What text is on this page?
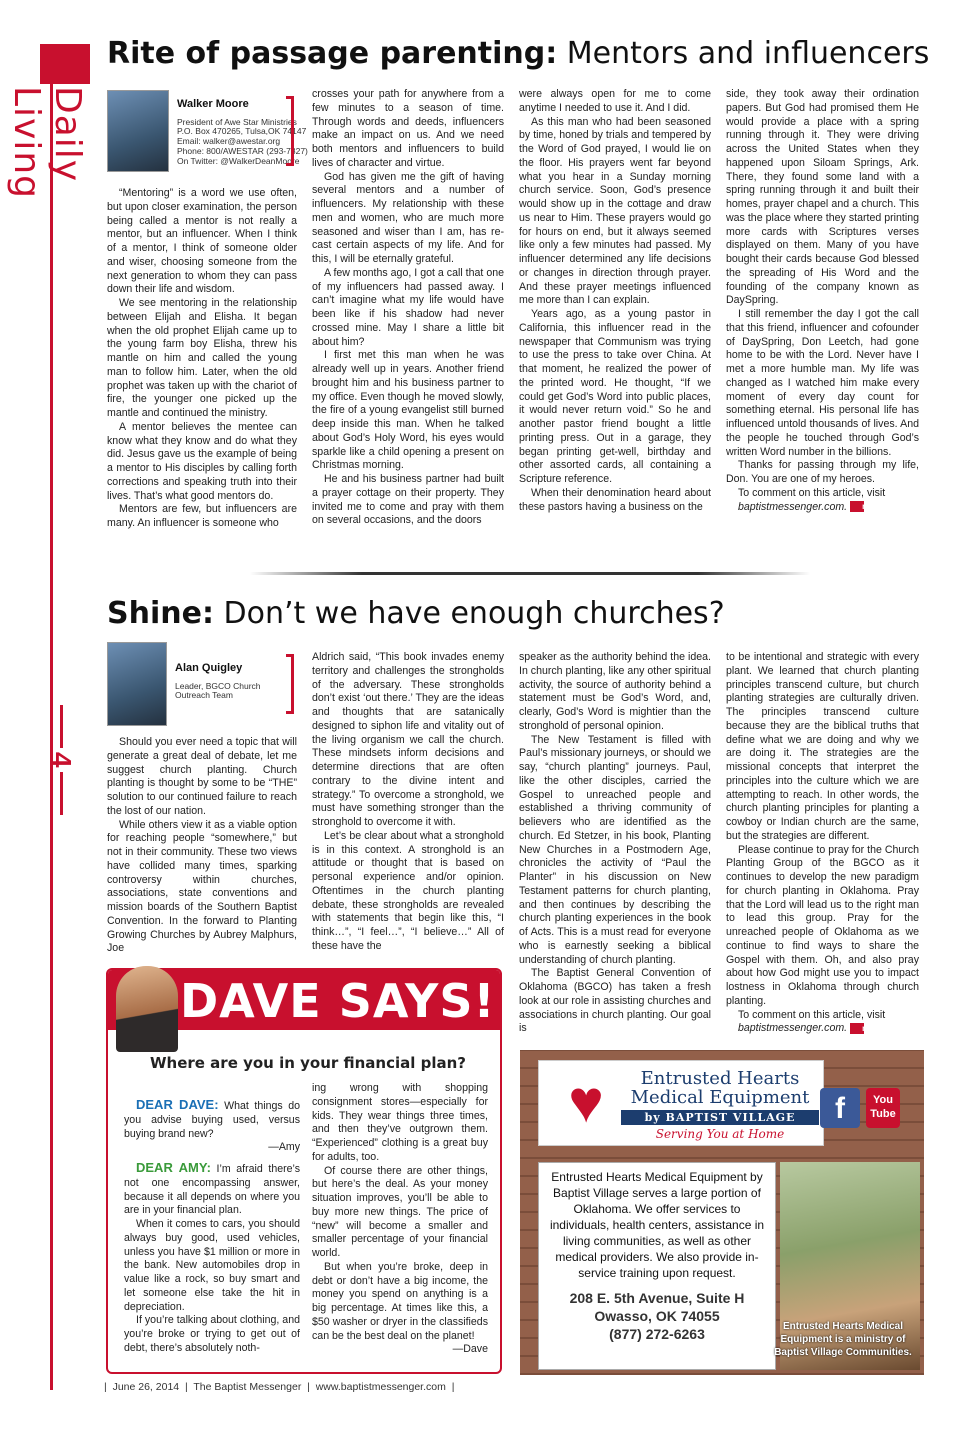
Daily Living
4
Rite of passage parenting: Mentors and influencers
Walker Moore
President of Awe Star Ministries
P.O. Box 470265, Tulsa,OK 74147
Email: walker@awestar.org
Phone: 800/AWESTAR (293-7827)
On Twitter: @WalkerDeanMoore

“Mentoring” is a word we use often, but upon closer examination, the person being called a mentor is not really a mentor, but an influencer. When I think of a mentor, I think of someone older and wiser, choosing someone from the next generation to whom they can pass down their life and wisdom.

We see mentoring in the relationship between Elijah and Elisha. It began when the old prophet Elijah came up to the young farm boy Elisha, threw his mantle on him and called the young man to follow him. Later, when the old prophet was taken up with the chariot of fire, the younger one picked up the mantle and continued the ministry.

A mentor believes the mentee can know what they know and do what they did. Jesus gave us the example of being a mentor to His disciples by calling forth corrections and speaking truth into their lives. That’s what good mentors do.

Mentors are few, but influencers are many. An influencer is someone who

crosses your path for anywhere from a few minutes to a season of time. Through words and deeds, influencers make an impact on us. And we need both mentors and influencers to build lives of character and virtue.

God has given me the gift of having several mentors and a number of influencers. My relationship with these men and women, who are much more seasoned and wiser than I am, has re-cast certain aspects of my life. And for this, I will be eternally grateful.

A few months ago, I got a call that one of my influencers had passed away. I can’t imagine what my life would have been like if his shadow had never crossed mine. May I share a little bit about him?

I first met this man when he was already well up in years. Another friend brought him and his business partner to my office. Even though he moved slowly, the fire of a young evangelist still burned deep inside this man. When he talked about God’s Holy Word, his eyes would sparkle like a child opening a present on Christmas morning.

He and his business partner had built a prayer cottage on their property. They invited me to come and pray with them on several occasions, and the doors

were always open for me to come anytime I needed to use it. And I did.

As this man who had been seasoned by time, honed by trials and tempered by the Word of God prayed, I would lie on the floor. His prayers went far beyond what you hear in a Sunday morning church service. Soon, God’s presence would show up in the cottage and draw us near to Him. These prayers would go for hours on end, but it always seemed like only a few minutes had passed. My influencer determined any life decisions or changes in direction through prayer. And these prayer meetings influenced me more than I can explain.

Years ago, as a young pastor in California, this influencer read in the newspaper that Communism was trying to use the press to take over China. At that moment, he realized the power of the printed word. He thought, “If we could get God’s Word into public places, it would never return void.” So he and another pastor friend bought a little printing press. Out in a garage, they began printing get-well, birthday and other assorted cards, all containing a Scripture reference.

When their denomination heard about these pastors having a business on the

side, they took away their ordination papers. But God had promised them He would provide a place with a spring running through it. They were driving across the United States when they happened upon Siloam Springs, Ark. There, they found some land with a spring running through it and built their homes, prayer chapel and a church. This was the place where they started printing more cards with Scriptures verses displayed on them. Many of you have bought their cards because God blessed the spreading of His Word and the founding of the company known as DaySpring.

I still remember the day I got the call that this friend, influencer and cofounder of DaySpring, Don Leetch, had gone home to be with the Lord. Never have I met a more humble man. My life was changed as I watched him make every moment of every day count for something eternal. His personal life has influenced untold thousands of lives. And the people he touched through God’s written Word number in the billions.

Thanks for passing through my life, Don. You are one of my heroes.

To comment on this article, visit

baptistmessenger.com. m

Shine: Don’t we have enough churches?
Alan Quigley
Leader, BGCO Church
Outreach Team

Should you ever need a topic that will generate a great deal of debate, let me suggest church planting. Church planting is thought by some to be “THE” solution to our continued failure to reach the lost of our nation.

While others view it as a viable option for reaching people “somewhere,” but not in their community. These two views have collided many times, sparking controversy within churches, associations, state conventions and mission boards of the Southern Baptist Convention. In the forward to Planting Growing Churches by Aubrey Malphurs, Joe

Aldrich said, “This book invades enemy territory and challenges the strongholds of the adversary. These strongholds don’t exist ‘out there.’ They are the ideas and thoughts that are satanically designed to siphon life and vitality out of the living organism we call the church. These mindsets inform decisions and determine directions that are often contrary to the divine intent and strategy.” To overcome a stronghold, we must have something stronger than the stronghold to overcome it with.

Let’s be clear about what a stronghold is in this context. A stronghold is an attitude or thought that is based on personal experience and/or opinion. Oftentimes in the church planting debate, these strongholds are revealed with statements that begin like this, “I think…”, “I feel…”, “I believe…” All of these have the

speaker as the authority behind the idea. In church planting, like any other spiritual activity, the source of authority behind a statement must be God’s Word, and, clearly, God’s Word is mightier than the stronghold of personal opinion.

The New Testament is filled with Paul’s missionary journeys, or should we say, “church planting” journeys. Paul, like the other disciples, carried the Gospel to unreached people and established a thriving community of believers who are identified as the church. Ed Stetzer, in his book, Planting New Churches in a Postmodern Age, chronicles the activity of “Paul the Planter” in his discussion on New Testament patterns for church planting, and then continues by describing the church planting experiences in the book of Acts. This is a must read for everyone who is earnestly seeking a biblical understanding of church planting.

The Baptist General Convention of Oklahoma (BGCO) has taken a fresh look at our role in assisting churches and associations in church planting. Our goal is

to be intentional and strategic with every plant. We learned that church planting principles transcend culture, but church planting strategies are culturally driven. The principles transcend culture because they are the biblical truths that define what we are doing and why we are doing it. The strategies are the missional concepts that interpret the principles into the culture which we are attempting to reach. In other words, the church planting principles for planting a cowboy or Indian church are the same, but the strategies are different.

Please continue to pray for the Church Planting Group of the BGCO as it continues to develop the new paradigm for church planting in Oklahoma. Pray that the Lord will lead us to the right man to lead this group. Pray for the unreached people of Oklahoma as we continue to find ways to share the Gospel with them. Oh, and also pray about how God might use you to impact lostness in Oklahoma through church planting.

To comment on this article, visit

baptistmessenger.com. m

DAVE SAYS!
Where are you in your financial plan?

DEAR DAVE: What things do you advise buying used, versus buying brand new?

—Amy

DEAR AMY: I’m afraid there’s not one encompassing answer, because it all depends on where you are in your financial plan.

When it comes to cars, you should always buy good, used vehicles, unless you have $1 million or more in the bank. New automobiles drop in value like a rock, so buy smart and let someone else take the hit in depreciation.

If you’re talking about clothing, and you’re broke or trying to get out of debt, there’s absolutely noth-

ing wrong with shopping consignment stores—especially for kids. They wear things three times, and then they’ve outgrown them. “Experienced” clothing is a great buy for adults, too.

Of course there are other things, but here’s the deal. As your money situation improves, you’ll be able to buy more new things. The price of “new” will become a smaller and smaller percentage of your financial world.

But when you’re broke, deep in debt or don’t have a big income, the money you spend on anything is a big percentage. At times like this, a $50 washer or dryer in the classifieds can be the best deal on the planet!

—Dave

♥	Entrusted Hearts
Medical Equipment
by BAPTIST VILLAGE
Serving You at Home
f	You
Tube
Entrusted Hearts Medical Equipment by Baptist Village serves a large portion of Oklahoma. We offer services to individuals, health centers, assistance in living communities, as well as other medical providers. We also provide in-service training upon request.
208 E. 5th Avenue, Suite H
Owasso, OK 74055
(877) 272-6263	Entrusted Hearts Medical Equipment is a ministry of Baptist Village Communities.
|  June 26, 2014  |  The Baptist Messenger  |  www.baptistmessenger.com  |
